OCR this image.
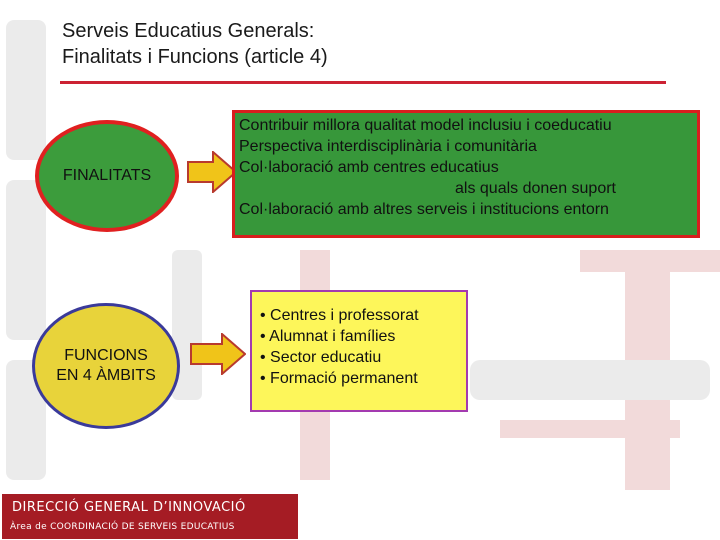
Serveis Educatius Generals:
Finalitats i Funcions (article 4)
FINALITATS
Contribuir millora qualitat model inclusiu i coeducatiu
Perspectiva interdisciplinària i comunitària
Col·laboració amb centres educatius
als quals donen suport
Col·laboració amb altres serveis i institucions entorn
FUNCIONS
EN 4 ÀMBITS
• Centres i professorat
• Alumnat i famílies
• Sector educatiu
• Formació permanent
DIRECCIÓ GENERAL D’INNOVACIÓ
Àrea de COORDINACIÓ DE SERVEIS EDUCATIUS
